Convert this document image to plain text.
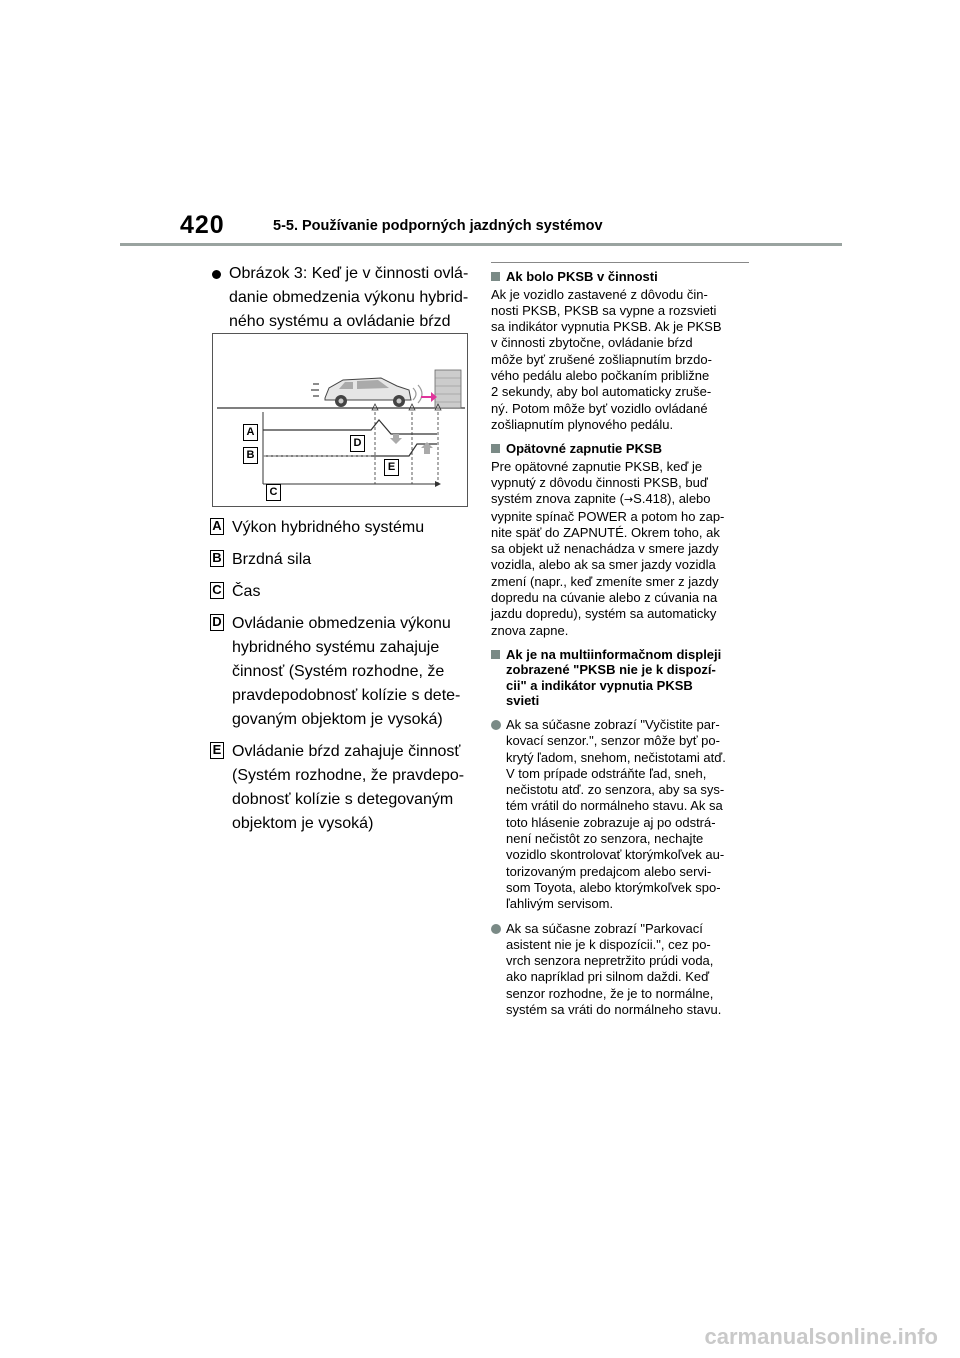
420	5-5. Používanie podporných jazdných systémov
Obrázok 3: Keď je v činnosti ovlá-
danie obmedzenia výkonu hybrid-
ného systému a ovládanie bŕzd
A
B
C
D
E
A Výkon hybridného systému
B Brzdná sila
C Čas
D Ovládanie obmedzenia výkonu
hybridného systému zahajuje
činnosť (Systém rozhodne, že
pravdepodobnosť kolízie s dete-
govaným objektom je vysoká)
E Ovládanie bŕzd zahajuje činnosť
(Systém rozhodne, že pravdepo-
dobnosť kolízie s detegovaným
objektom je vysoká)
Ak bolo PKSB v činnosti
Ak je vozidlo zastavené z dôvodu čin-
nosti PKSB, PKSB sa vypne a rozsvieti
sa indikátor vypnutia PKSB. Ak je PKSB
v činnosti zbytočne, ovládanie bŕzd
môže byť zrušené zošliapnutím brzdo-
vého pedálu alebo počkaním približne
2 sekundy, aby bol automaticky zruše-
ný. Potom môže byť vozidlo ovládané
zošliapnutím plynového pedálu.
Opätovné zapnutie PKSB
Pre opätovné zapnutie PKSB, keď je
vypnutý z dôvodu činnosti PKSB, buď
systém znova zapnite (→S.418), alebo
vypnite spínač POWER a potom ho zap-
nite späť do ZAPNUTÉ. Okrem toho, ak
sa objekt už nenachádza v smere jazdy
vozidla, alebo ak sa smer jazdy vozidla
zmení (napr., keď zmeníte smer z jazdy
dopredu na cúvanie alebo z cúvania na
jazdu dopredu), systém sa automaticky
znova zapne.
Ak je na multiinformačnom displeji
zobrazené "PKSB nie je k dispozí-
cii" a indikátor vypnutia PKSB
svieti
Ak sa súčasne zobrazí "Vyčistite par-
kovací senzor.", senzor môže byť po-
krytý ľadom, snehom, nečistotami atď.
V tom prípade odstráňte ľad, sneh,
nečistotu atď. zo senzora, aby sa sys-
tém vrátil do normálneho stavu. Ak sa
toto hlásenie zobrazuje aj po odstrá-
není nečistôt zo senzora, nechajte
vozidlo skontrolovať ktorýmkoľvek au-
torizovaným predajcom alebo servi-
som Toyota, alebo ktorýmkoľvek spo-
ľahlivým servisom.
Ak sa súčasne zobrazí "Parkovací
asistent nie je k dispozícii.", cez po-
vrch senzora nepretržito prúdi voda,
ako napríklad pri silnom daždi. Keď
senzor rozhodne, že je to normálne,
systém sa vráti do normálneho stavu.
carmanualsonline.info
